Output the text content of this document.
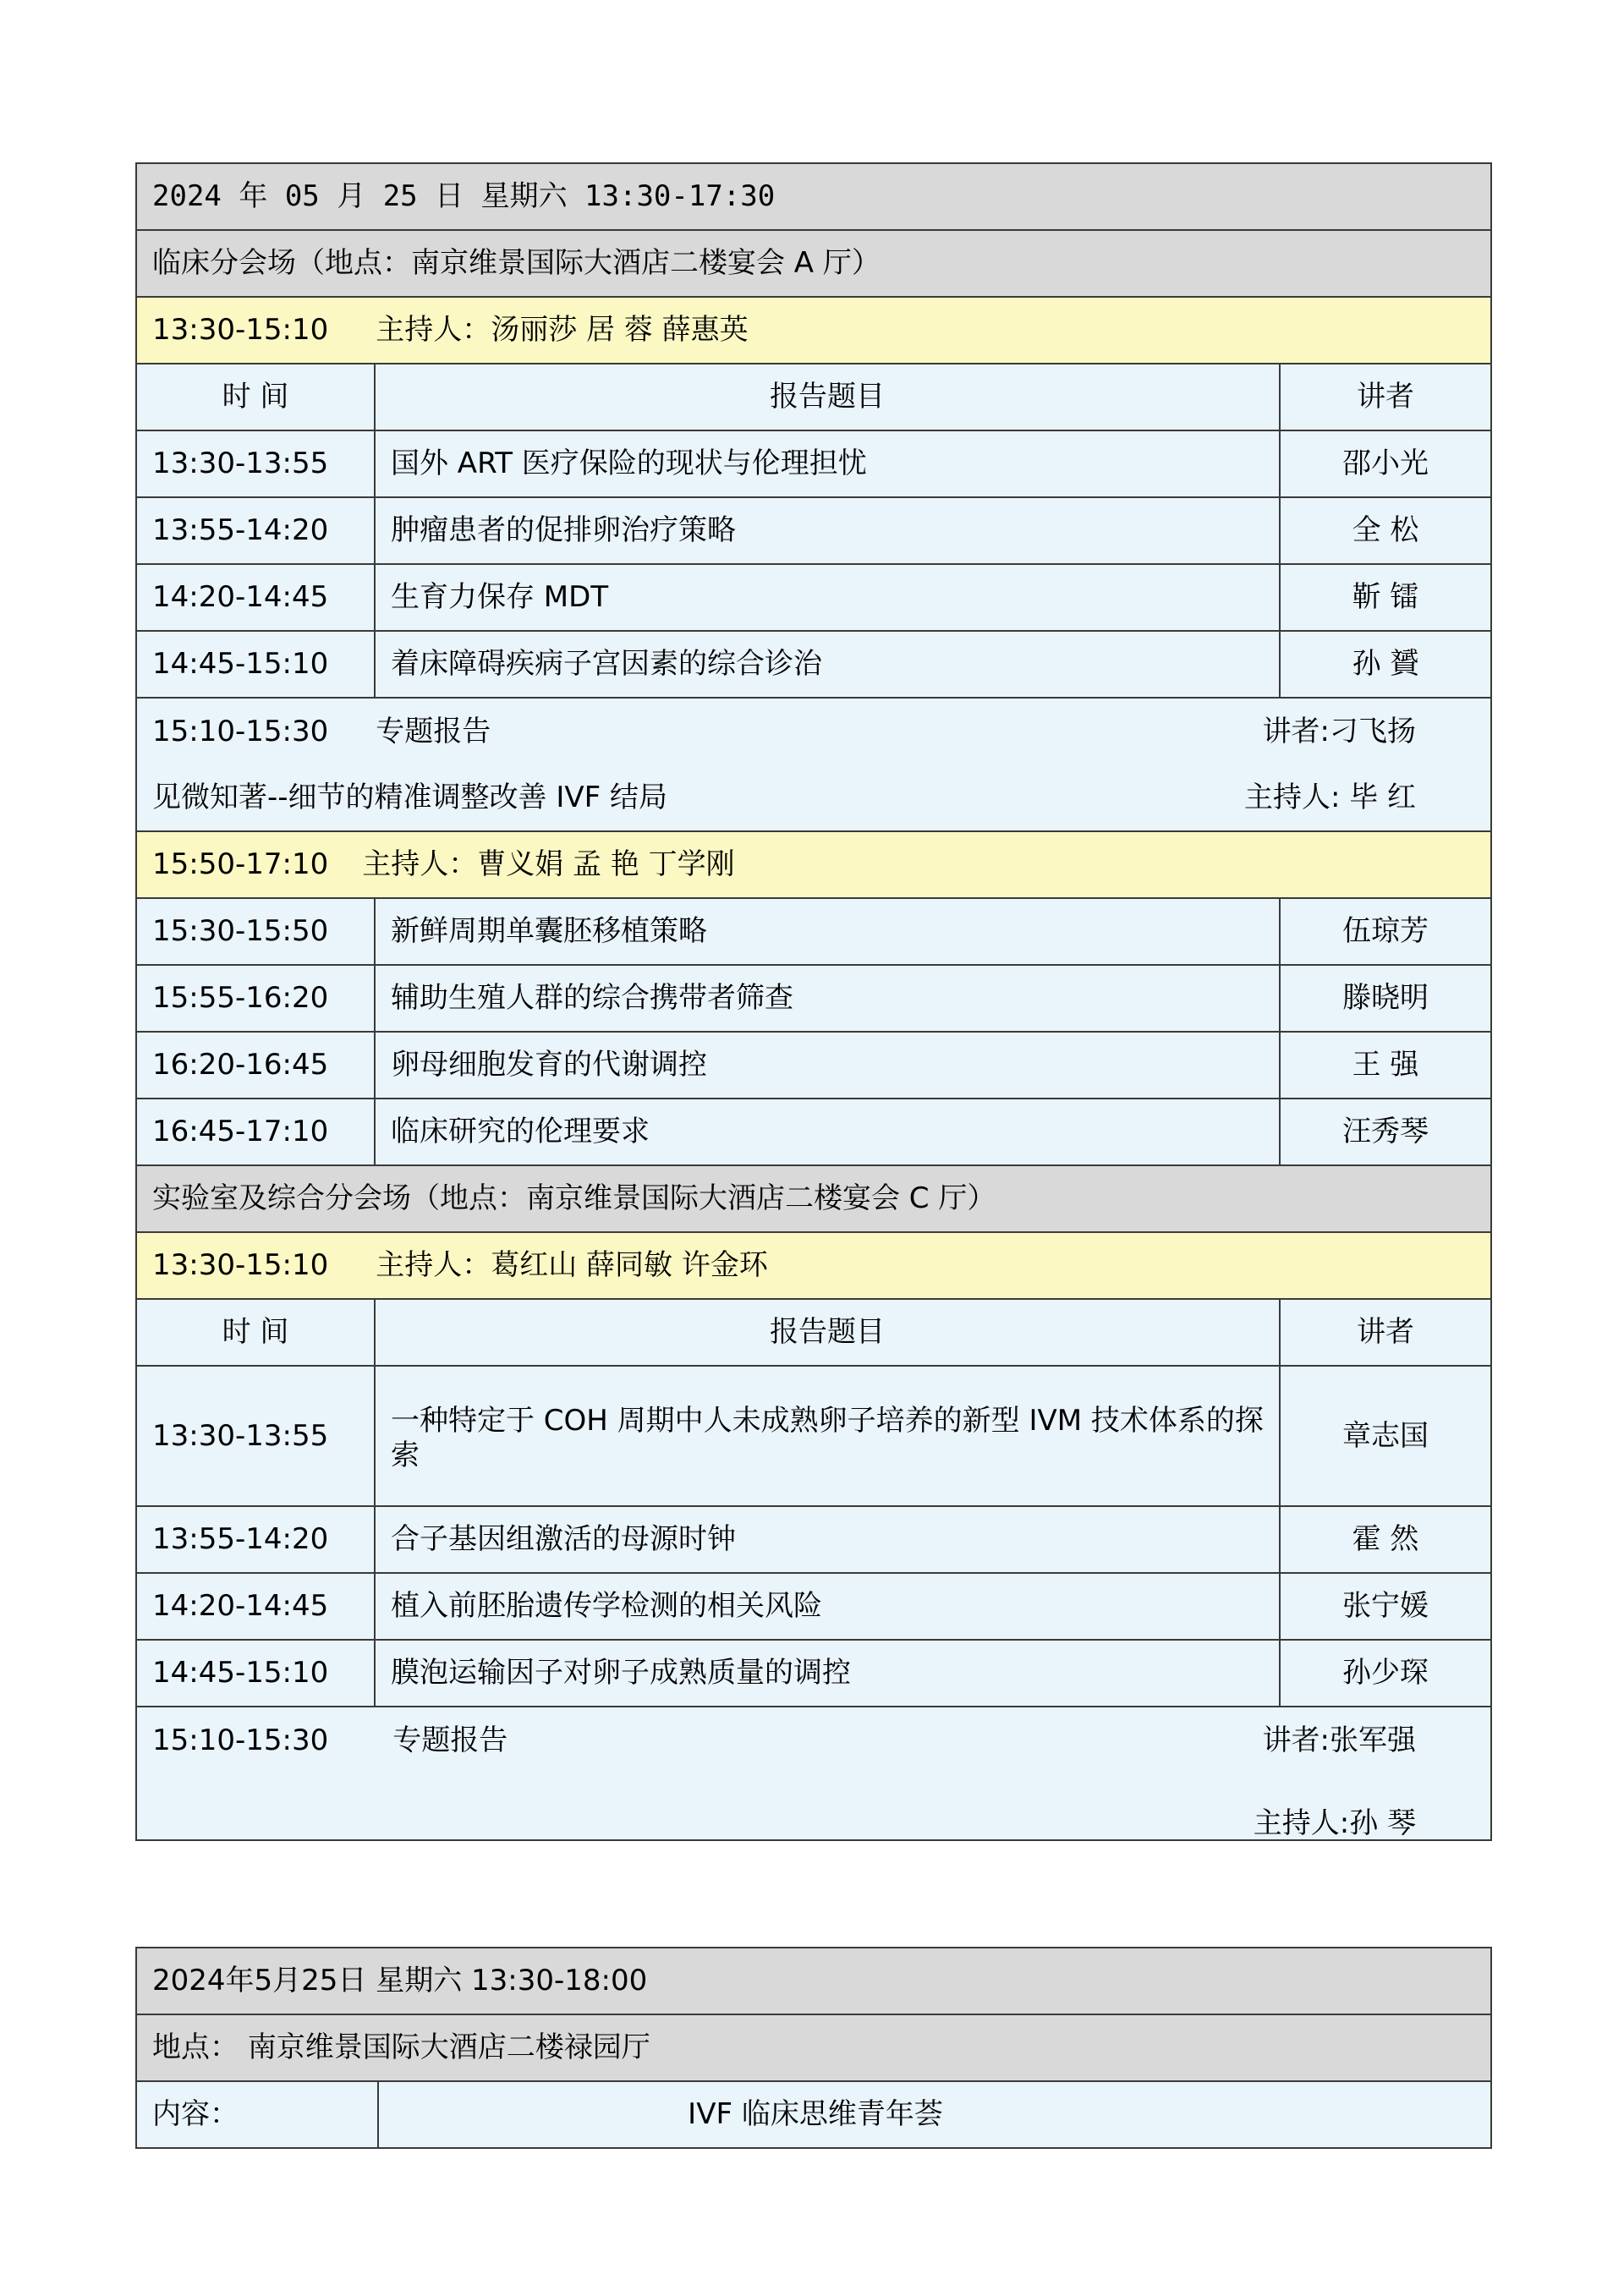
2024 年 05 月 25 日 星期六 13:30-17:30		
临床分会场（地点：南京维景国际大酒店二楼宴会 A 厅）		
13:30-15:10 主持人：汤丽莎 居 蓉 薛惠英		
时 间	报告题目	讲者
13:30-13:55	国外 ART 医疗保险的现状与伦理担忧	邵小光
13:55-14:20	肿瘤患者的促排卵治疗策略	全 松
14:20-14:45	生育力保存 MDT	靳 镭
14:45-15:10	着床障碍疾病子宫因素的综合诊治	孙 贇
15:10-15:30 专题报告 讲者:刁飞扬		

见微知著--细节的精准调整改善 IVF 结局 主持人: 毕 红		

15:50-17:10 主持人：曹义娟 孟 艳 丁学刚		
15:30-15:50	新鲜周期单囊胚移植策略	伍琼芳
15:55-16:20	辅助生殖人群的综合携带者筛查	滕晓明
16:20-16:45	卵母细胞发育的代谢调控	王 强
16:45-17:10	临床研究的伦理要求	汪秀琴
实验室及综合分会场（地点：南京维景国际大酒店二楼宴会 C 厅）		
13:30-15:10 主持人：葛红山 薛同敏 许金环		
时 间	报告题目	讲者
13:30-13:55	一种特定于 COH 周期中人未成熟卵子培养的新型 IVM 技术体系的探索	章志国
13:55-14:20	合子基因组激活的母源时钟	霍 然
14:20-14:45	植入前胚胎遗传学检测的相关风险	张宁媛
14:45-15:10	膜泡运输因子对卵子成熟质量的调控	孙少琛
15:10-15:30 专题报告 讲者:张军强		

主持人:孙 琴		
2024年5月25日 星期六 13:30-18:00
地点： 南京维景国际大酒店二楼禄园厅
内容：	IVF 临床思维青年荟
